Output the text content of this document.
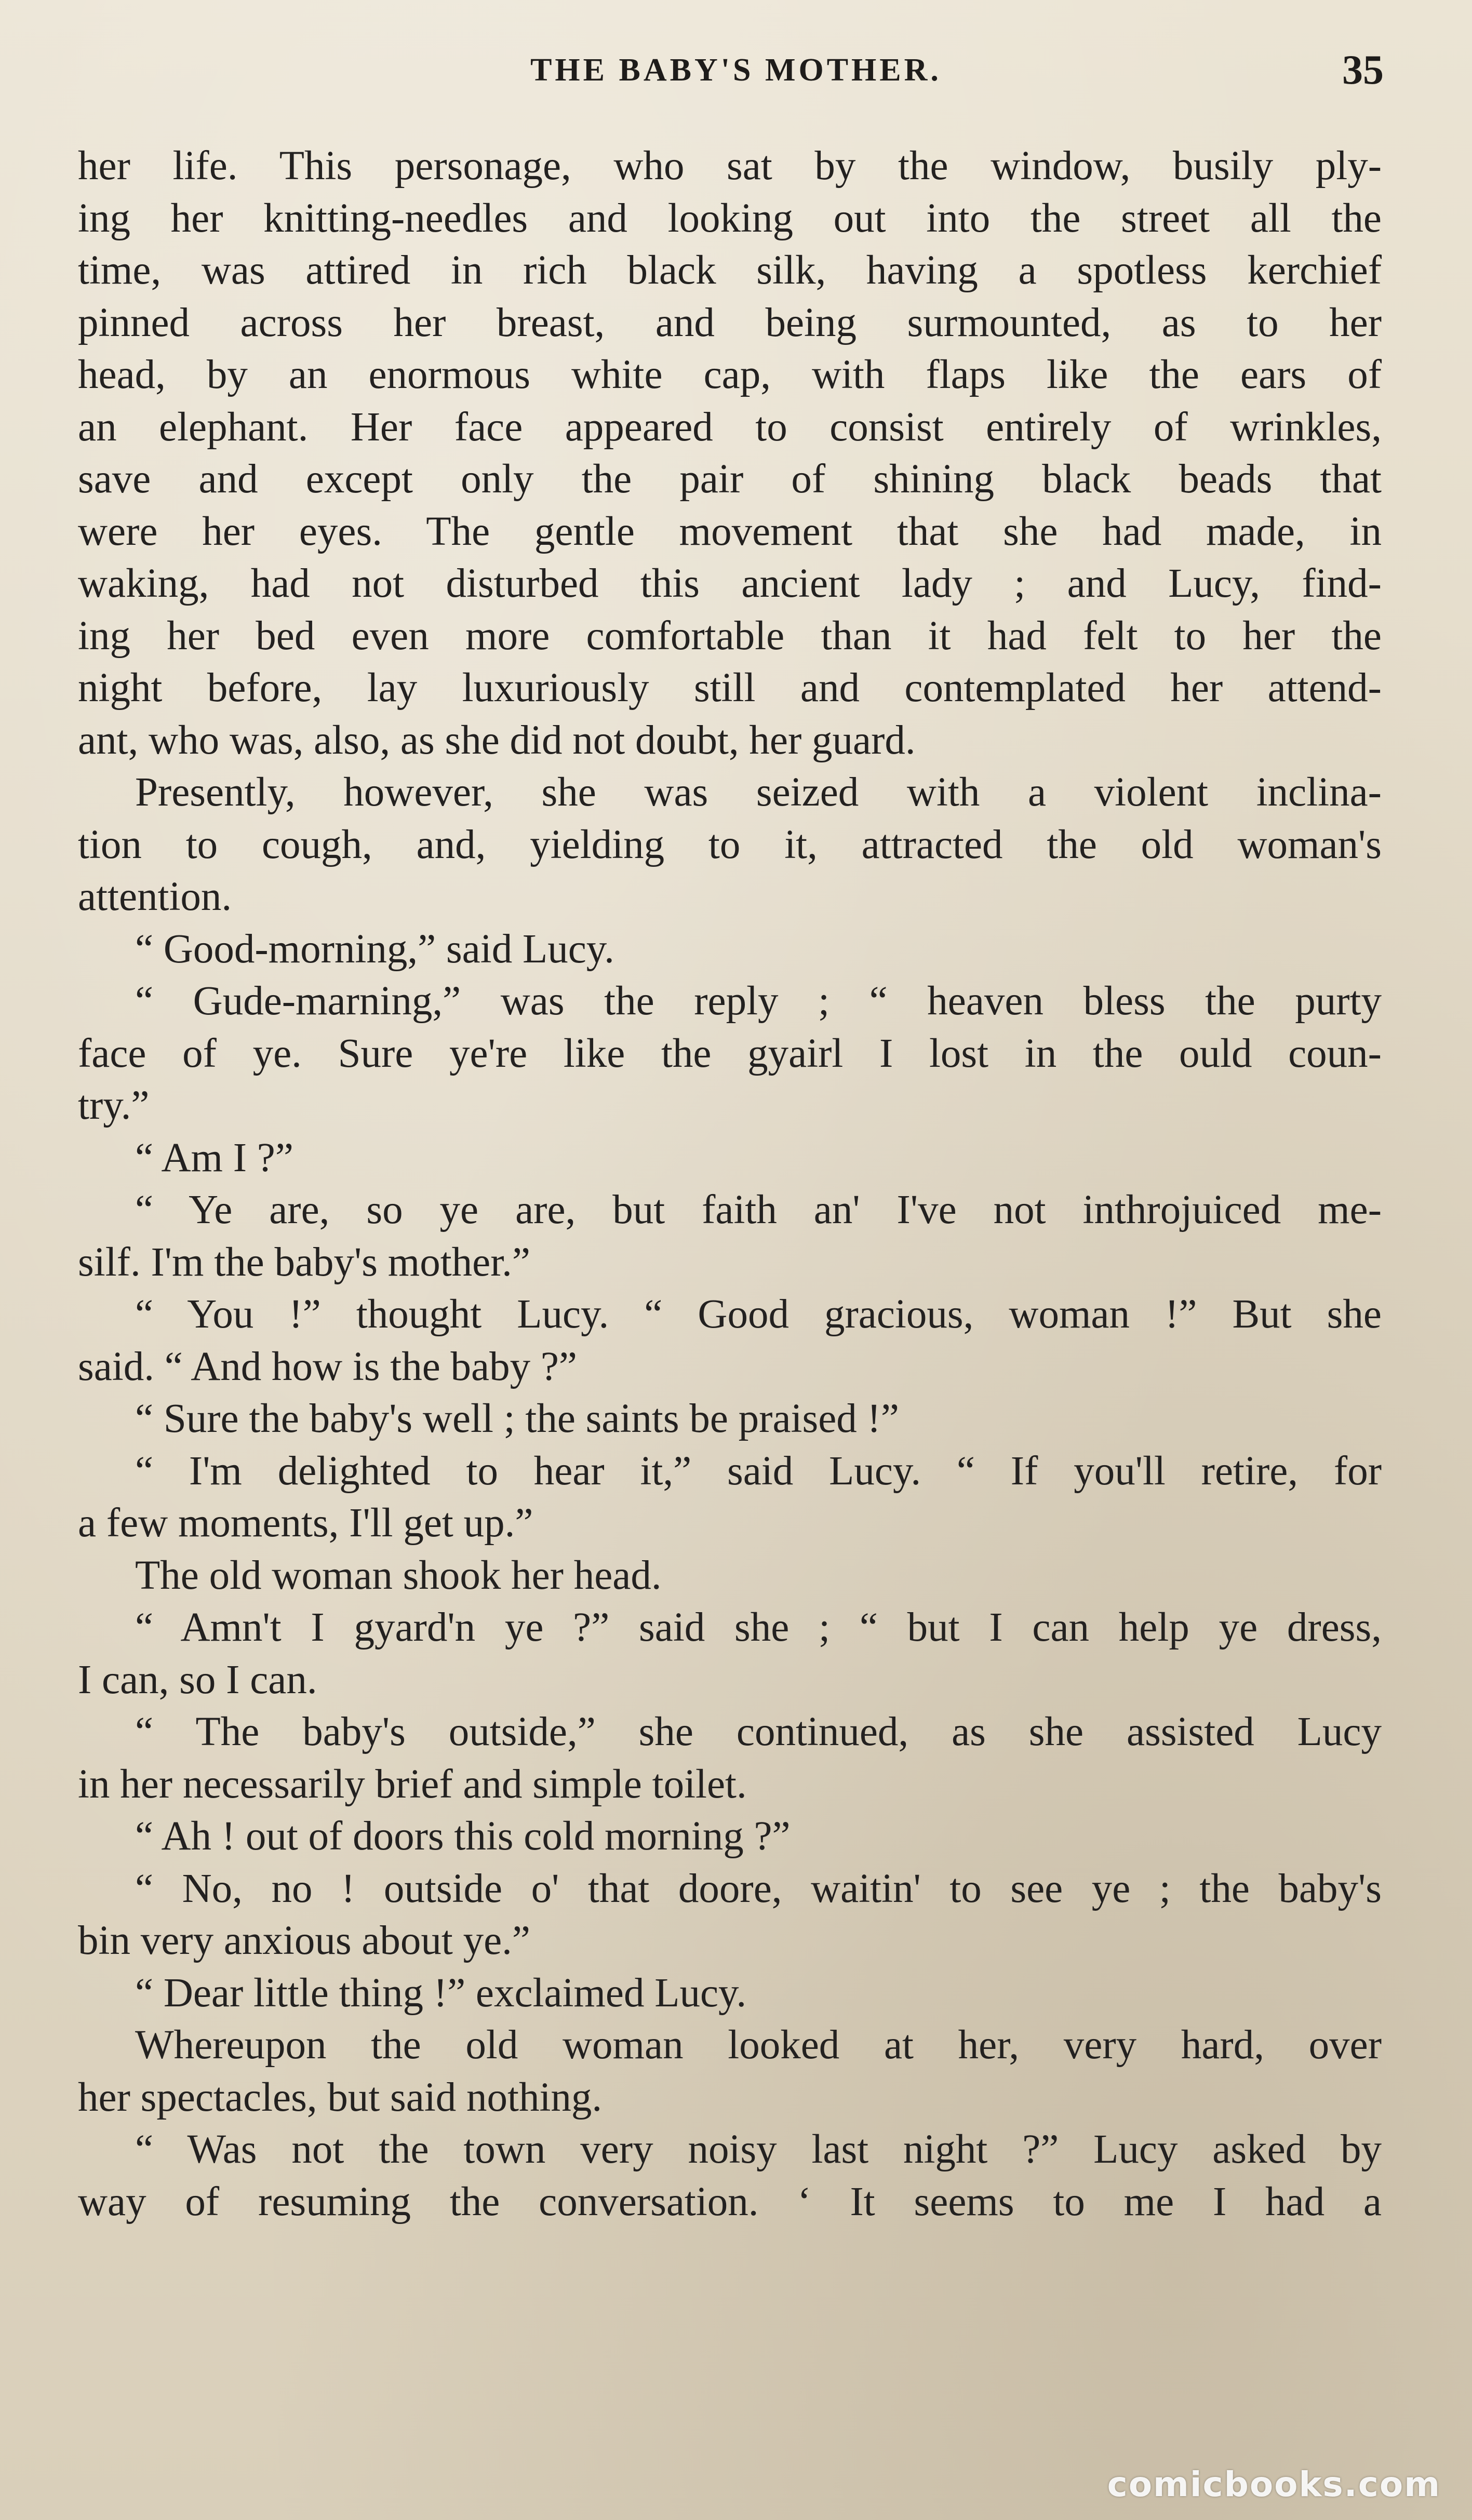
THE BABY'S MOTHER.	35
her life. This personage, who sat by the window, busily ply-
ing her knitting-needles and looking out into the street all the
time, was attired in rich black silk, having a spotless kerchief
pinned across her breast, and being surmounted, as to her
head, by an enormous white cap, with flaps like the ears of
an elephant. Her face appeared to consist entirely of wrinkles,
save and except only the pair of shining black beads that
were her eyes. The gentle movement that she had made, in
waking, had not disturbed this ancient lady ; and Lucy, find-
ing her bed even more comfortable than it had felt to her the
night before, lay luxuriously still and contemplated her attend-
ant, who was, also, as she did not doubt, her guard.
Presently, however, she was seized with a violent inclina-
tion to cough, and, yielding to it, attracted the old woman's
attention.
“ Good-morning,” said Lucy.
“ Gude-marning,” was the reply ; “ heaven bless the purty
face of ye. Sure ye're like the gyairl I lost in the ould coun-
try.”
“ Am I ?”
“ Ye are, so ye are, but faith an' I've not inthrojuiced me-
silf. I'm the baby's mother.”
“ You !” thought Lucy. “ Good gracious, woman !” But she
said. “ And how is the baby ?”
“ Sure the baby's well ; the saints be praised !”
“ I'm delighted to hear it,” said Lucy. “ If you'll retire, for
a few moments, I'll get up.”
The old woman shook her head.
“ Amn't I gyard'n ye ?” said she ; “ but I can help ye dress,
I can, so I can.
“ The baby's outside,” she continued, as she assisted Lucy
in her necessarily brief and simple toilet.
“ Ah ! out of doors this cold morning ?”
“ No, no ! outside o' that doore, waitin' to see ye ; the baby's
bin very anxious about ye.”
“ Dear little thing !” exclaimed Lucy.
Whereupon the old woman looked at her, very hard, over
her spectacles, but said nothing.
“ Was not the town very noisy last night ?” Lucy asked by
way of resuming the conversation. ‘ It seems to me I had a
comicbooks.com
